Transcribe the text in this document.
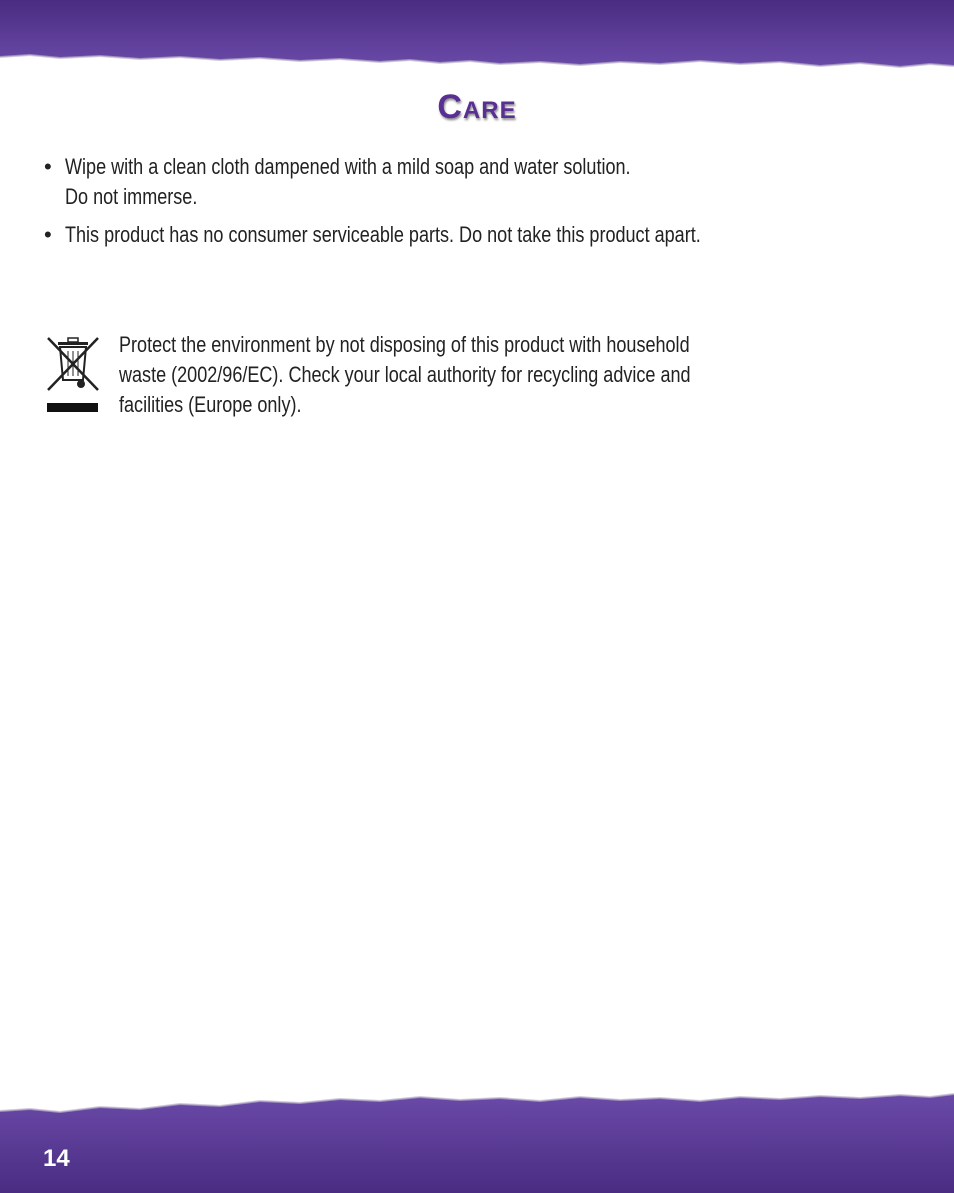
Care
• Wipe with a clean cloth dampened with a mild soap and water solution.
Do not immerse.
• This product has no consumer serviceable parts. Do not take this product apart.
Protect the environment by not disposing of this product with household
waste (2002/96/EC). Check your local authority for recycling advice and
facilities (Europe only).
14
